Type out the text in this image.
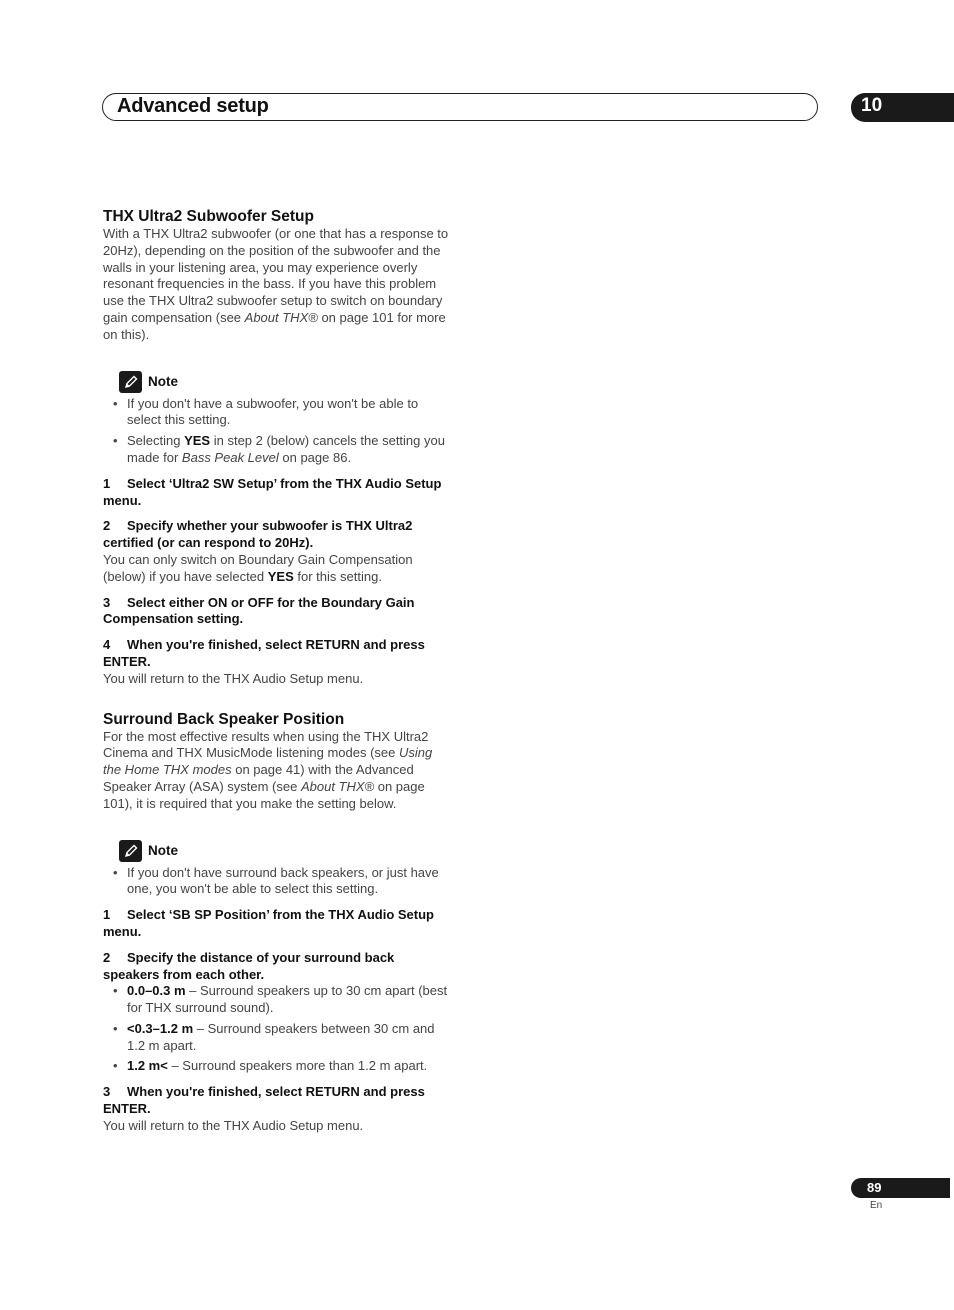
Advanced setup	10
THX Ultra2 Subwoofer Setup

With a THX Ultra2 subwoofer (or one that has a response to 20Hz), depending on the position of the subwoofer and the walls in your listening area, you may experience overly resonant frequencies in the bass. If you have this problem use the THX Ultra2 subwoofer setup to switch on boundary gain compensation (see About THX® on page 101 for more on this).

Note
• If you don't have a subwoofer, you won't be able to select this setting.
• Selecting YES in step 2 (below) cancels the setting you made for Bass Peak Level on page 86.

1 Select ‘Ultra2 SW Setup’ from the THX Audio Setup menu.

2 Specify whether your subwoofer is THX Ultra2 certified (or can respond to 20Hz).

You can only switch on Boundary Gain Compensation (below) if you have selected YES for this setting.

3 Select either ON or OFF for the Boundary Gain Compensation setting.

4 When you're finished, select RETURN and press ENTER.

You will return to the THX Audio Setup menu.

Surround Back Speaker Position

For the most effective results when using the THX Ultra2 Cinema and THX MusicMode listening modes (see Using the Home THX modes on page 41) with the Advanced Speaker Array (ASA) system (see About THX® on page 101), it is required that you make the setting below.

Note
• If you don't have surround back speakers, or just have one, you won't be able to select this setting.

1 Select ‘SB SP Position’ from the THX Audio Setup menu.

2 Specify the distance of your surround back speakers from each other.

• 0.0–0.3 m – Surround speakers up to 30 cm apart (best for THX surround sound).
• <0.3–1.2 m – Surround speakers between 30 cm and 1.2 m apart.
• 1.2 m< – Surround speakers more than 1.2 m apart.

3 When you're finished, select RETURN and press ENTER.

You will return to the THX Audio Setup menu.

89
En
